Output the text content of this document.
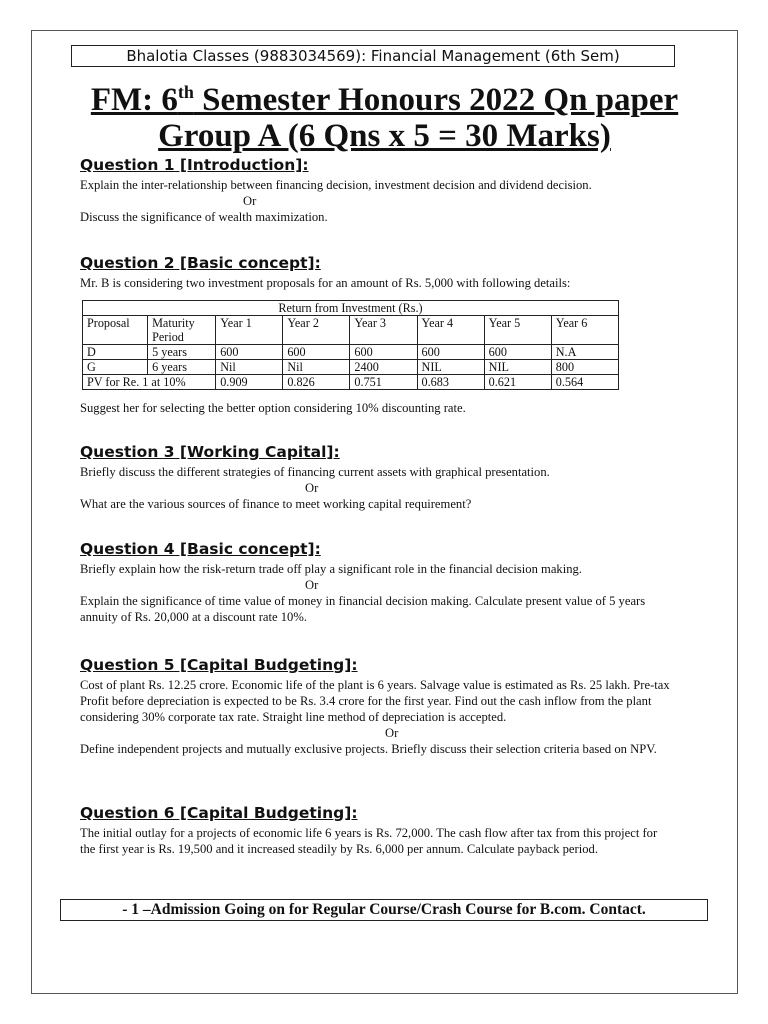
Bhalotia Classes (9883034569): Financial Management (6th Sem)
FM: 6th Semester Honours 2022 Qn paper
Group A (6 Qns x 5 = 30 Marks)
Question 1 [Introduction]:
Explain the inter-relationship between financing decision, investment decision and dividend decision.
Or
Discuss the significance of wealth maximization.
Question 2 [Basic concept]:
Mr. B is considering two investment proposals for an amount of Rs. 5,000 with following details:
Return from Investment (Rs.)							
Proposal	Maturity Period	Year 1	Year 2	Year 3	Year 4	Year 5	Year 6
D	5 years	600	600	600	600	600	N.A
G	6 years	Nil	Nil	2400	NIL	NIL	800
PV for Re. 1 at 10%		0.909	0.826	0.751	0.683	0.621	0.564
Suggest her for selecting the better option considering 10% discounting rate.
Question 3 [Working Capital]:
Briefly discuss the different strategies of financing current assets with graphical presentation.
Or
What are the various sources of finance to meet working capital requirement?
Question 4 [Basic concept]:
Briefly explain how the risk-return trade off play a significant role in the financial decision making.
Or
Explain the significance of time value of money in financial decision making. Calculate present value of 5 years annuity of Rs. 20,000 at a discount rate 10%.
Question 5 [Capital Budgeting]:
Cost of plant Rs. 12.25 crore. Economic life of the plant is 6 years. Salvage value is estimated as Rs. 25 lakh. Pre-tax Profit before depreciation is expected to be Rs. 3.4 crore for the first year. Find out the cash inflow from the plant considering 30% corporate tax rate. Straight line method of depreciation is accepted.
Or
Define independent projects and mutually exclusive projects. Briefly discuss their selection criteria based on NPV.
Question 6 [Capital Budgeting]:
The initial outlay for a projects of economic life 6 years is Rs. 72,000. The cash flow after tax from this project for the first year is Rs. 19,500 and it increased steadily by Rs. 6,000 per annum. Calculate payback period.
- 1 –Admission Going on for Regular Course/Crash Course for B.com. Contact.
